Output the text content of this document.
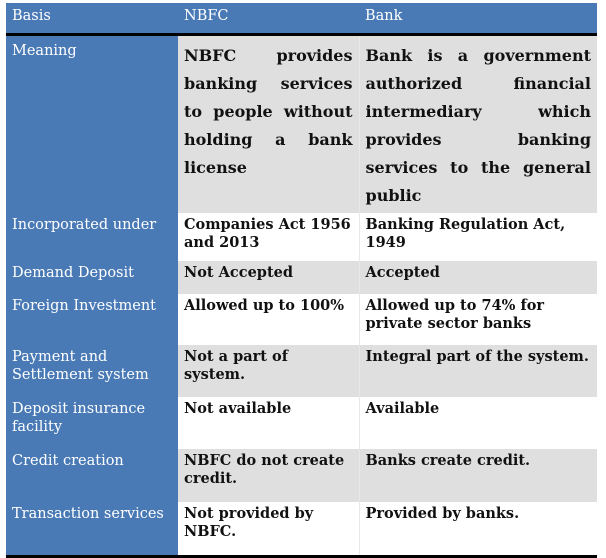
Basis	NBFC	Bank
Meaning	NBFC provides banking services to people without holding a bank license	Bank is a government authorized financial intermediary which provides banking services to the general public
Incorporated under	Companies Act 1956 and 2013	Banking Regulation Act, 1949
Demand Deposit	Not Accepted	Accepted
Foreign Investment	Allowed up to 100%	Allowed up to 74% for private sector banks
Payment and Settlement system	Not a part of system.	Integral part of the system.
Deposit insurance facility	Not available	Available
Credit creation	NBFC do not create credit.	Banks create credit.
Transaction services	Not provided by NBFC.	Provided by banks.
